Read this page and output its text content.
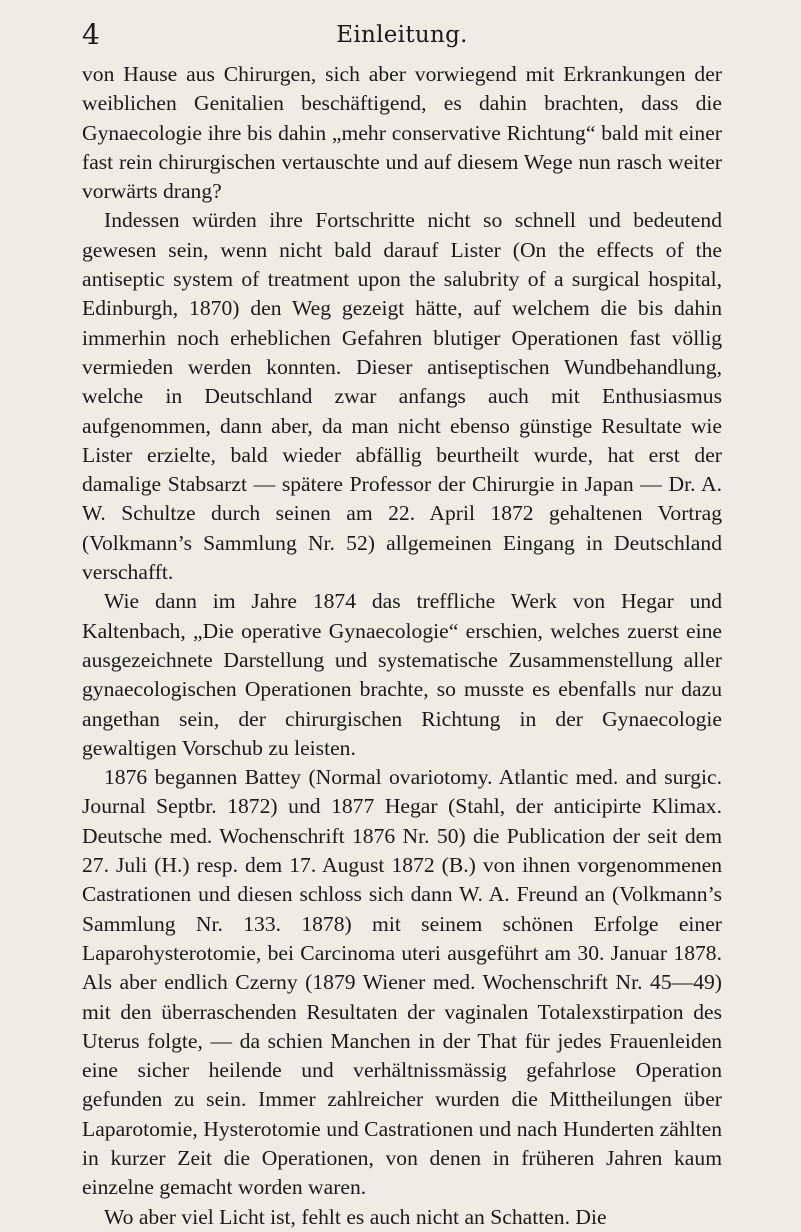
4	Einleitung.

von Hause aus Chirurgen, sich aber vorwiegend mit Erkrankungen der weiblichen Genitalien beschäftigend, es dahin brachten, dass die Gynaecologie ihre bis dahin „mehr conservative Richtung“ bald mit einer fast rein chirurgischen vertauschte und auf diesem Wege nun rasch weiter vorwärts drang?

Indessen würden ihre Fortschritte nicht so schnell und bedeutend gewesen sein, wenn nicht bald darauf Lister (On the effects of the antiseptic system of treatment upon the salubrity of a surgical hospital, Edinburgh, 1870) den Weg gezeigt hätte, auf welchem die bis dahin immerhin noch erheblichen Gefahren blutiger Operationen fast völlig vermieden werden konnten. Dieser antiseptischen Wundbehandlung, welche in Deutschland zwar anfangs auch mit Enthusiasmus aufgenommen, dann aber, da man nicht ebenso günstige Resultate wie Lister erzielte, bald wieder abfällig beurtheilt wurde, hat erst der damalige Stabsarzt — spätere Professor der Chirurgie in Japan — Dr. A. W. Schultze durch seinen am 22. April 1872 gehaltenen Vortrag (Volkmann’s Sammlung Nr. 52) allgemeinen Eingang in Deutschland verschafft.

Wie dann im Jahre 1874 das treffliche Werk von Hegar und Kaltenbach, „Die operative Gynaecologie“ erschien, welches zuerst eine ausgezeichnete Darstellung und systematische Zusammenstellung aller gynaecologischen Operationen brachte, so musste es ebenfalls nur dazu angethan sein, der chirurgischen Richtung in der Gynaecologie gewaltigen Vorschub zu leisten.

1876 begannen Battey (Normal ovariotomy. Atlantic med. and surgic. Journal Septbr. 1872) und 1877 Hegar (Stahl, der anticipirte Klimax. Deutsche med. Wochenschrift 1876 Nr. 50) die Publication der seit dem 27. Juli (H.) resp. dem 17. August 1872 (B.) von ihnen vorgenommenen Castrationen und diesen schloss sich dann W. A. Freund an (Volkmann’s Sammlung Nr. 133. 1878) mit seinem schönen Erfolge einer Laparohysterotomie, bei Carcinoma uteri ausgeführt am 30. Januar 1878. Als aber endlich Czerny (1879 Wiener med. Wochenschrift Nr. 45—49) mit den überraschenden Resultaten der vaginalen Totalexstirpation des Uterus folgte, — da schien Manchen in der That für jedes Frauenleiden eine sicher heilende und verhältnissmässig gefahrlose Operation gefunden zu sein. Immer zahlreicher wurden die Mittheilungen über Laparotomie, Hysterotomie und Castrationen und nach Hunderten zählten in kurzer Zeit die Operationen, von denen in früheren Jahren kaum einzelne gemacht worden waren.

Wo aber viel Licht ist, fehlt es auch nicht an Schatten. Die
